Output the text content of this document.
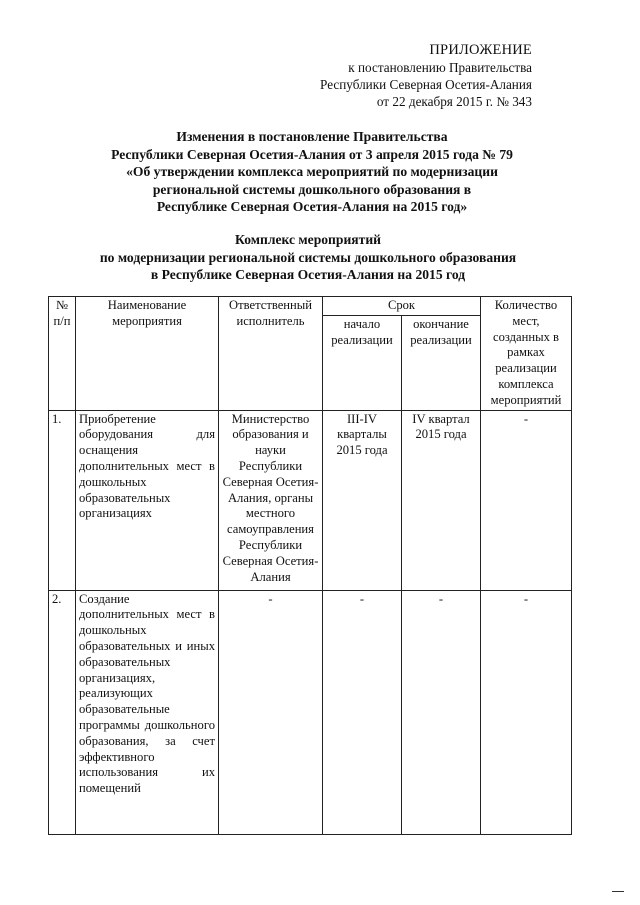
ПРИЛОЖЕНИЕ
к постановлению Правительства
Республики Северная Осетия-Алания
от 22 декабря 2015 г. № 343
Изменения в постановление Правительства
Республики Северная Осетия-Алания от 3 апреля 2015 года № 79
«Об утверждении комплекса мероприятий по модернизации
региональной системы дошкольного образования в
Республике Северная Осетия-Алания на 2015 год»
Комплекс мероприятий
по модернизации региональной системы дошкольного образования
в Республике Северная Осетия-Алания на 2015 год
№ п/п	Наименование мероприятия	Ответственный исполнитель	Срок		Количество мест, созданных в рамках реализации комплекса мероприятий
			начало реализации	окончание реализации	
1.	Приобретение оборудования для оснащения дополнительных мест в дошкольных образовательных организациях	Министерство образования и науки Республики Северная Осетия-Алания, органы местного самоуправления Республики Северная Осетия-Алания	III-IV кварталы 2015 года	IV квартал 2015 года	-
2.	Создание дополнительных мест в дошкольных образовательных и иных образовательных организациях, реализующих образовательные программы дошкольного образования, за счет эффективного использования их помещений	-	-	-	-
